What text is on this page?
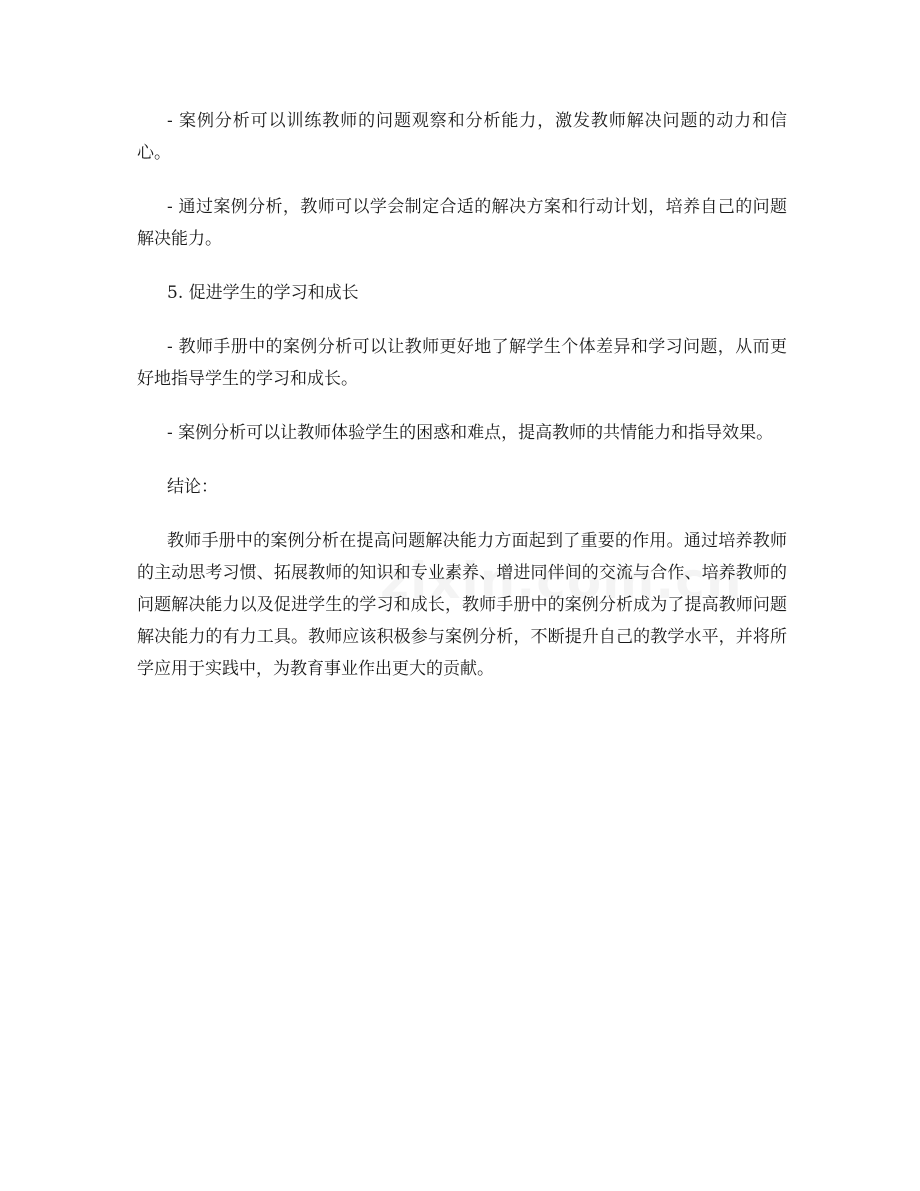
- 案例分析可以训练教师的问题观察和分析能力，激发教师解决问题的动力和信心。

- 通过案例分析，教师可以学会制定合适的解决方案和行动计划，培养自己的问题解决能力。

5. 促进学生的学习和成长

- 教师手册中的案例分析可以让教师更好地了解学生个体差异和学习问题，从而更好地指导学生的学习和成长。

- 案例分析可以让教师体验学生的困惑和难点，提高教师的共情能力和指导效果。

结论：

教师手册中的案例分析在提高问题解决能力方面起到了重要的作用。通过培养教师的主动思考习惯、拓展教师的知识和专业素养、增进同伴间的交流与合作、培养教师的问题解决能力以及促进学生的学习和成长，教师手册中的案例分析成为了提高教师问题解决能力的有力工具。教师应该积极参与案例分析，不断提升自己的教学水平，并将所学应用于实践中，为教育事业作出更大的贡献。
